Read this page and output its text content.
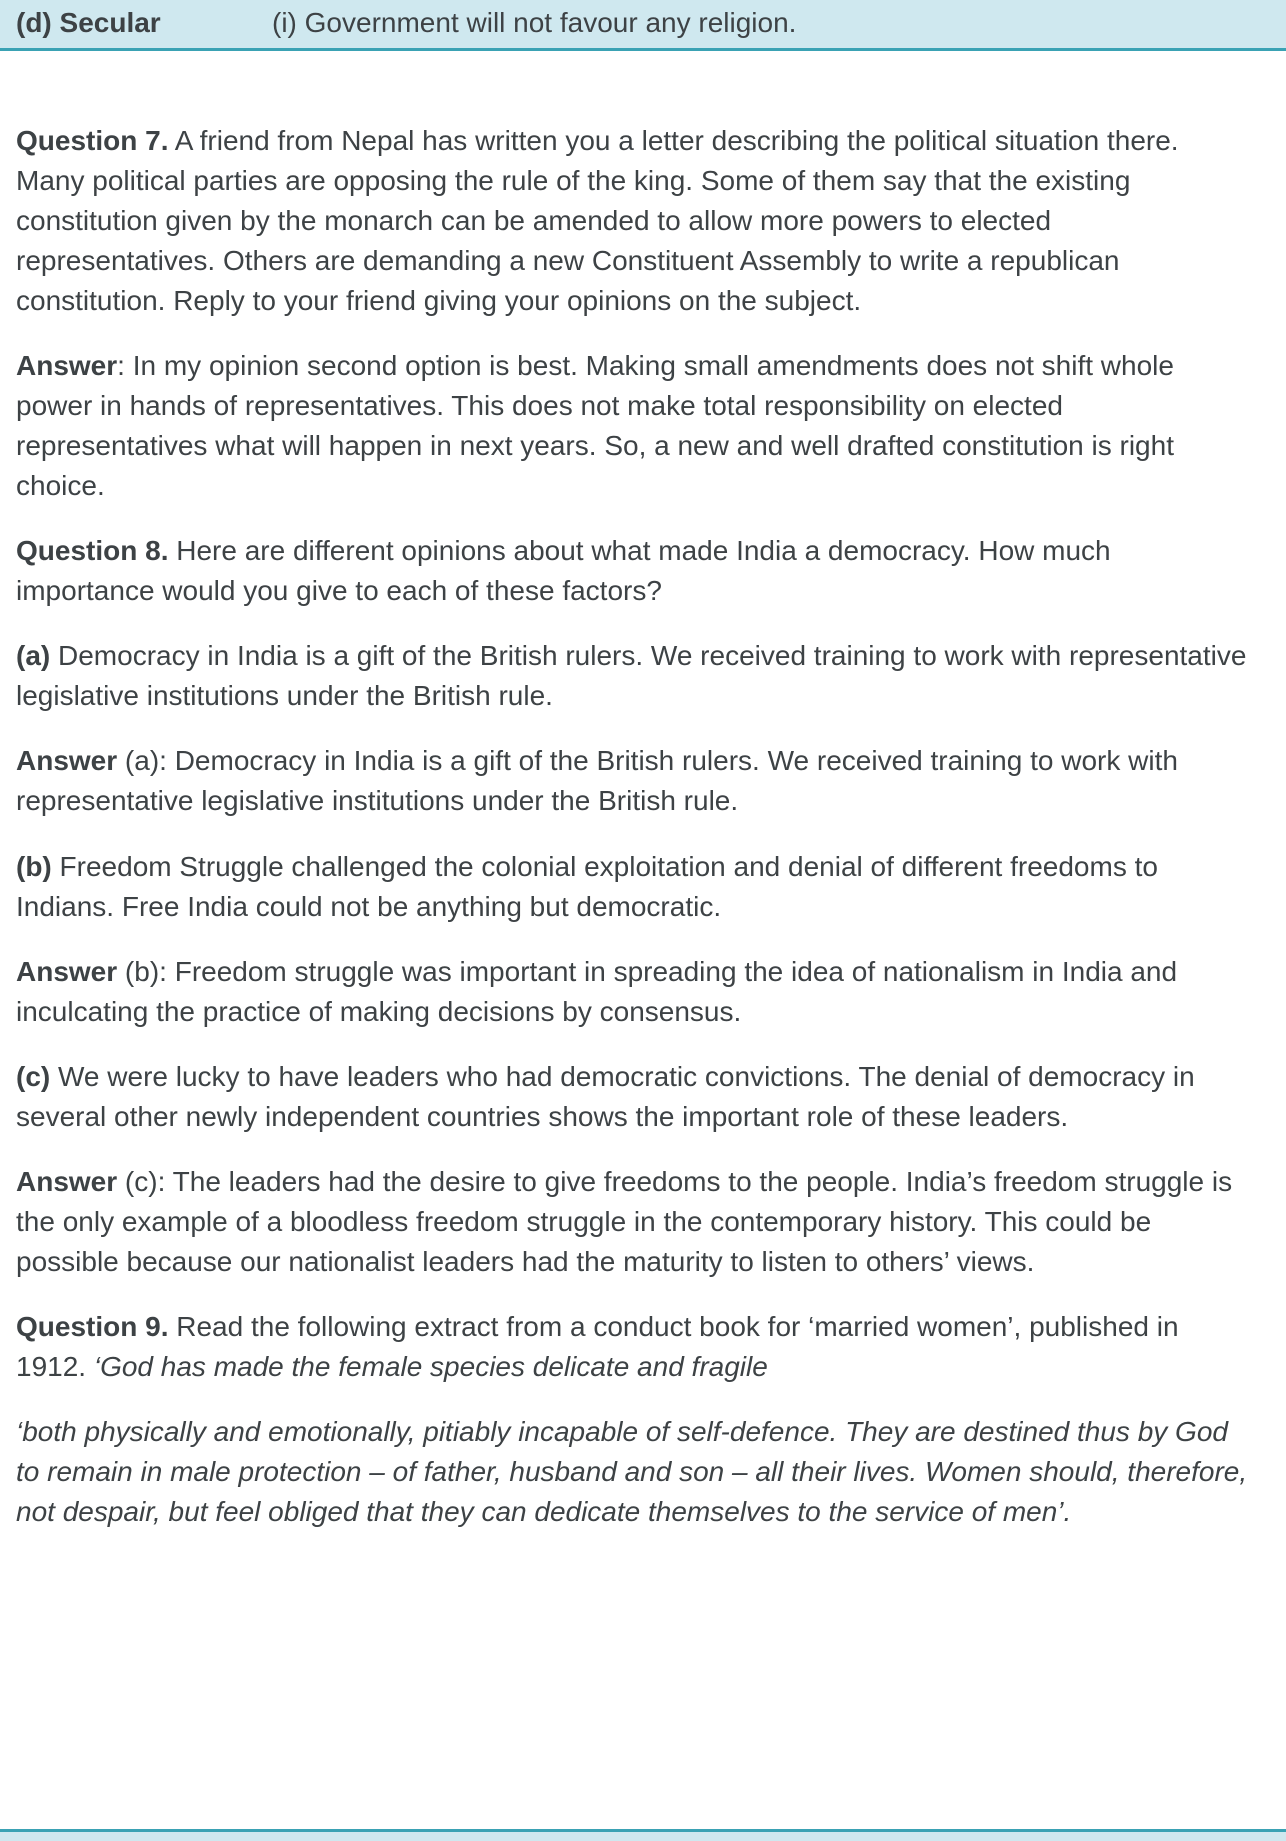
(d) Secular	(i) Government will not favour any religion.

Question 7. A friend from Nepal has written you a letter describing the political situation there. Many political parties are opposing the rule of the king. Some of them say that the existing constitution given by the monarch can be amended to allow more powers to elected representatives. Others are demanding a new Constituent Assembly to write a republican constitution. Reply to your friend giving your opinions on the subject.

Answer: In my opinion second option is best. Making small amendments does not shift whole power in hands of representatives. This does not make total responsibility on elected representatives what will happen in next years. So, a new and well drafted constitution is right choice.

Question 8. Here are different opinions about what made India a democracy. How much importance would you give to each of these factors?

(a) Democracy in India is a gift of the British rulers. We received training to work with representative legislative institutions under the British rule.

Answer (a): Democracy in India is a gift of the British rulers. We received training to work with representative legislative institutions under the British rule.

(b) Freedom Struggle challenged the colonial exploitation and denial of different freedoms to Indians. Free India could not be anything but democratic.

Answer (b): Freedom struggle was important in spreading the idea of nationalism in India and inculcating the practice of making decisions by consensus.

(c) We were lucky to have leaders who had democratic convictions. The denial of democracy in several other newly independent countries shows the important role of these leaders.

Answer (c): The leaders had the desire to give freedoms to the people. India’s freedom struggle is the only example of a bloodless freedom struggle in the contemporary history. This could be possible because our nationalist leaders had the maturity to listen to others’ views.

Question 9. Read the following extract from a conduct book for ‘married women’, published in 1912. ‘God has made the female species delicate and fragile

‘both physically and emotionally, pitiably incapable of self-defence. They are destined thus by God to remain in male protection – of father, husband and son – all their lives. Women should, therefore, not despair, but feel obliged that they can dedicate themselves to the service of men’.
